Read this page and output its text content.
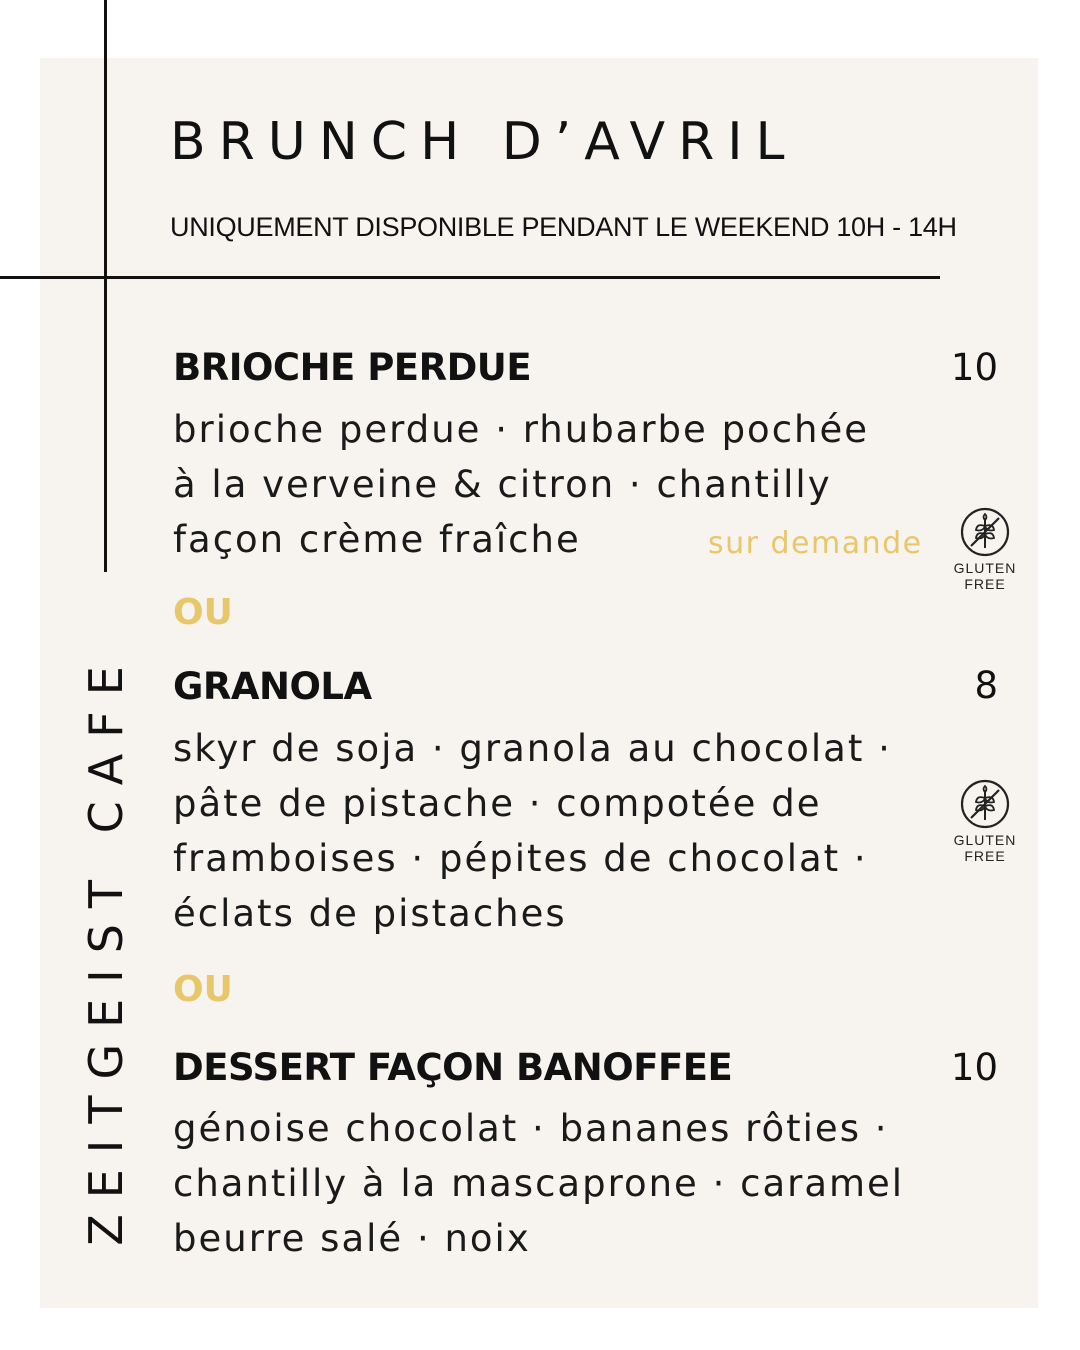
BRUNCH D’AVRIL
UNIQUEMENT DISPONIBLE PENDANT LE WEEKEND 10H - 14H
ZEITGEIST CAFE
BRIOCHE PERDUE	10
brioche perdue · rhubarbe pochée
à la verveine & citron · chantilly
façon crème fraîche	sur demande
GLUTEN
FREE
OU
GRANOLA	8
skyr de soja · granola au chocolat ·
pâte de pistache · compotée de
framboises · pépites de chocolat ·
éclats de pistaches
GLUTEN
FREE
OU
DESSERT FAÇON BANOFFEE	10
génoise chocolat · bananes rôties ·
chantilly à la mascaprone · caramel
beurre salé · noix
